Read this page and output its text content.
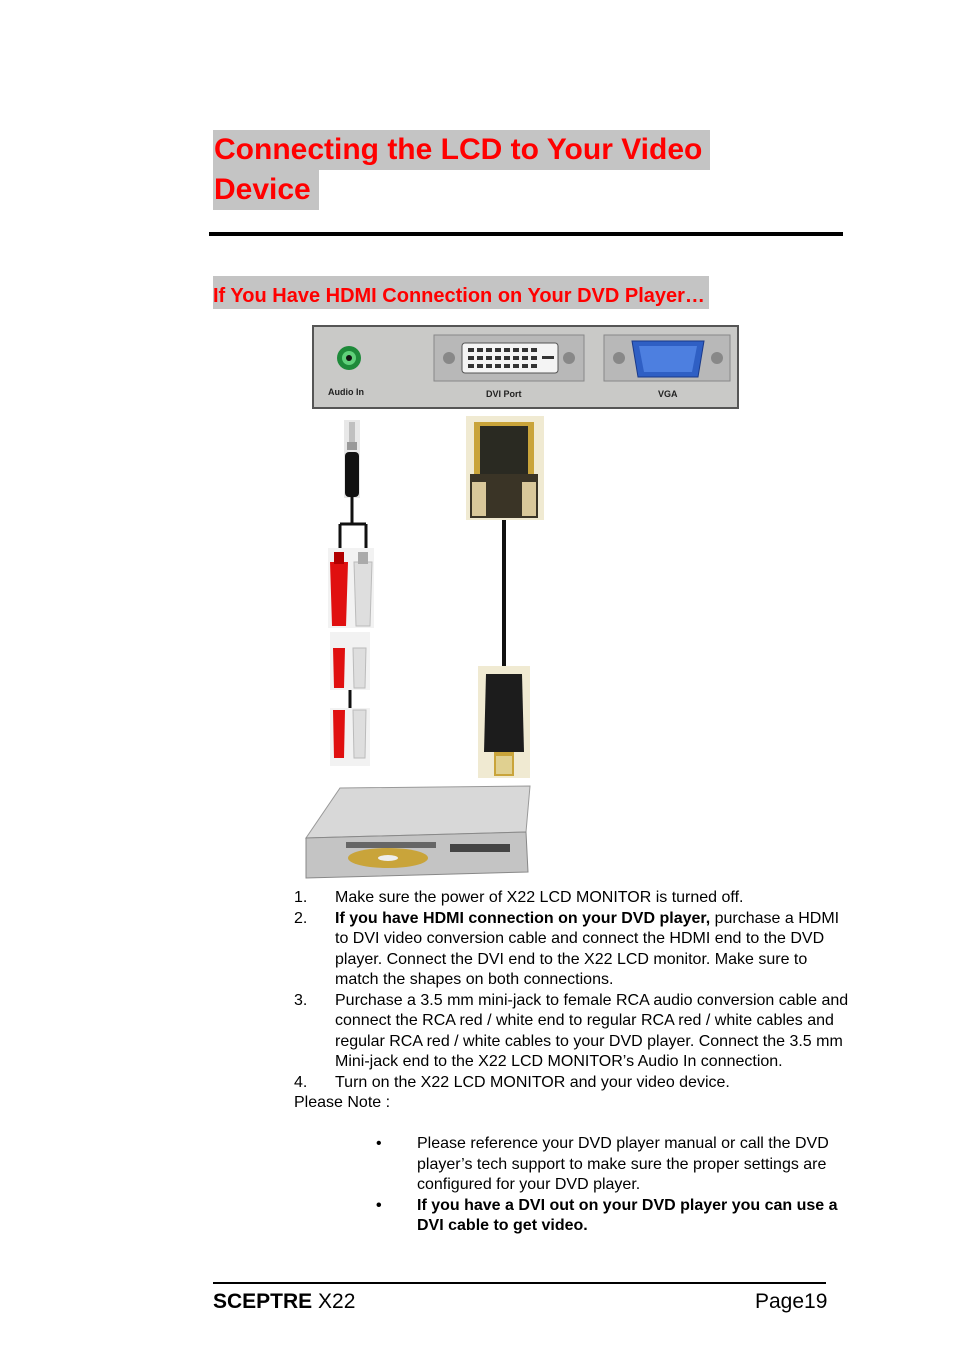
Connecting the LCD to Your Video
Device
If You Have HDMI Connection on Your DVD Player…
Audio In	DVI Port	VGA
1. Make sure the power of X22 LCD MONITOR is turned off.
2. If you have HDMI connection on your DVD player, purchase a HDMI to DVI video conversion cable and connect the HDMI end to the DVD player. Connect the DVI end to the X22 LCD monitor. Make sure to match the shapes on both connections.
3. Purchase a 3.5 mm mini-jack to female RCA audio conversion cable and connect the RCA red / white end to regular RCA red / white cables and regular RCA red / white cables to your DVD player. Connect the 3.5 mm Mini-jack end to the X22 LCD MONITOR’s Audio In connection.
4. Turn on the X22 LCD MONITOR and your video device.
Please Note :
• Please reference your DVD player manual or call the DVD player’s tech support to make sure the proper settings are configured for your DVD player.
• If you have a DVI out on your DVD player you can use a DVI cable to get video.
SCEPTRE X22	Page19
